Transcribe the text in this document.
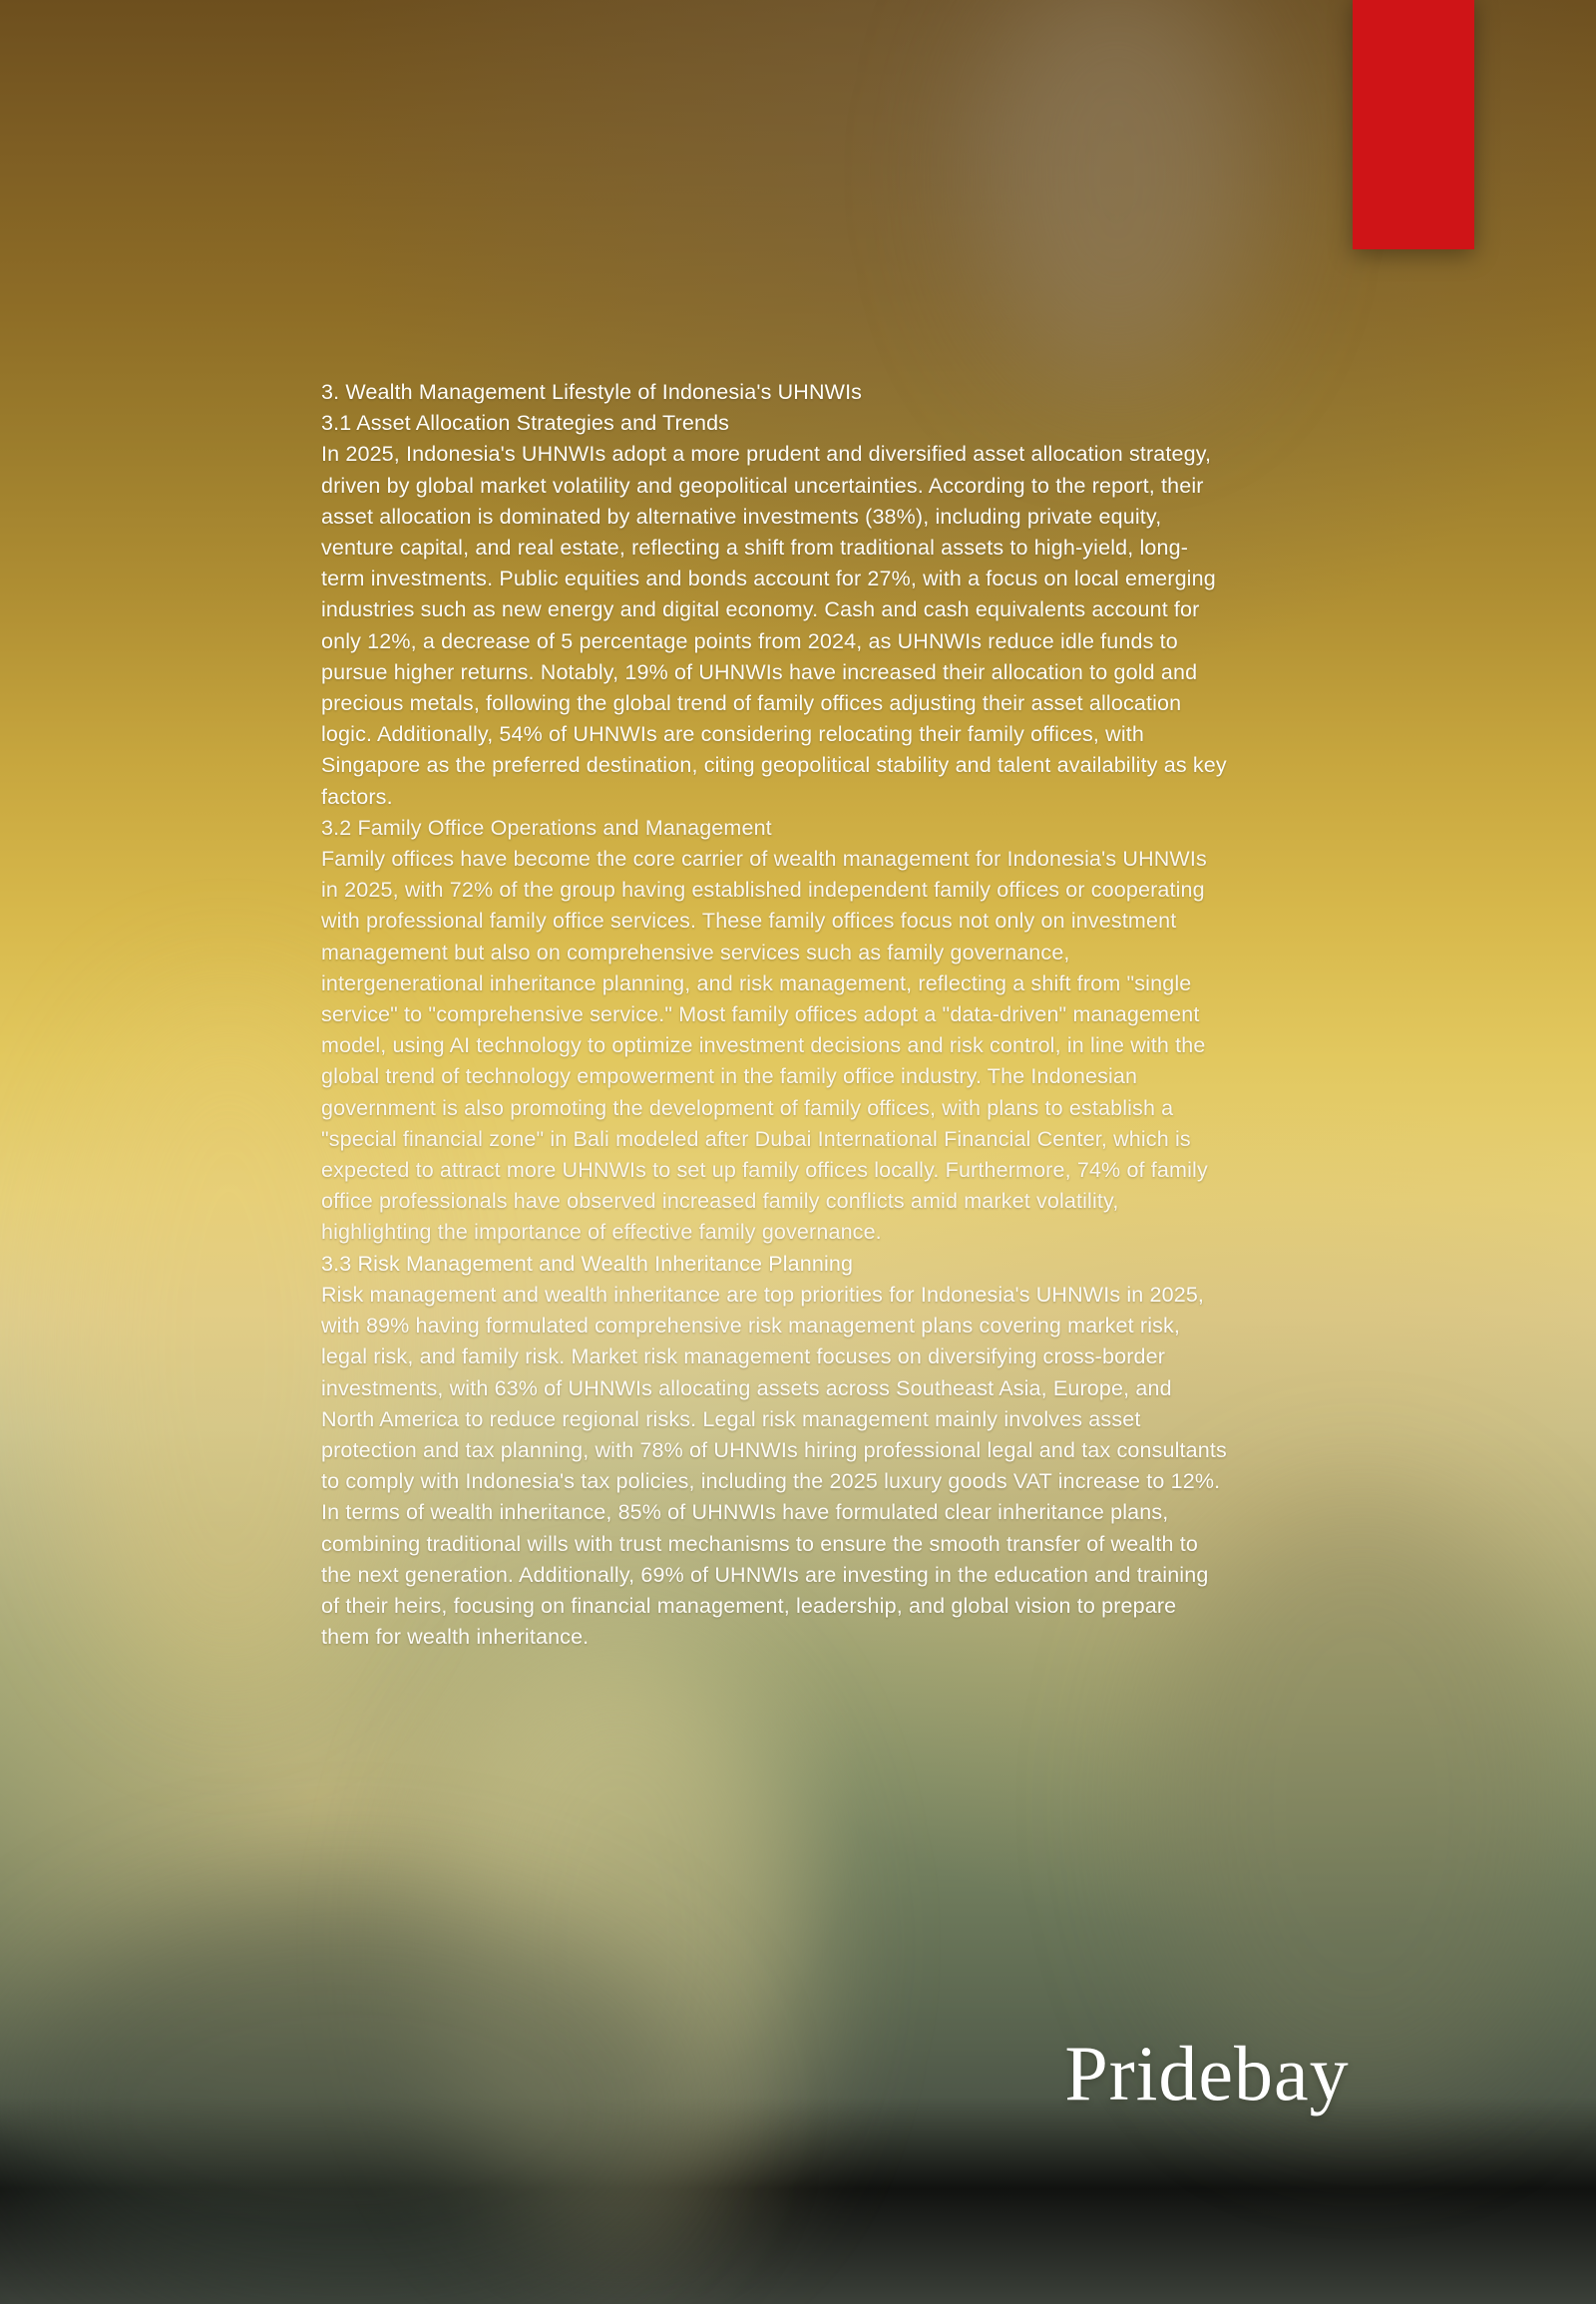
3. Wealth Management Lifestyle of Indonesia's UHNWIs

3.1 Asset Allocation Strategies and Trends

In 2025, Indonesia's UHNWIs adopt a more prudent and diversified asset allocation strategy, driven by global market volatility and geopolitical uncertainties. According to the report, their asset allocation is dominated by alternative investments (38%), including private equity, venture capital, and real estate, reflecting a shift from traditional assets to high-yield, long-term investments. Public equities and bonds account for 27%, with a focus on local emerging industries such as new energy and digital economy. Cash and cash equivalents account for only 12%, a decrease of 5 percentage points from 2024, as UHNWIs reduce idle funds to pursue higher returns. Notably, 19% of UHNWIs have increased their allocation to gold and precious metals, following the global trend of family offices adjusting their asset allocation logic. Additionally, 54% of UHNWIs are considering relocating their family offices, with Singapore as the preferred destination, citing geopolitical stability and talent availability as key factors.

3.2 Family Office Operations and Management

Family offices have become the core carrier of wealth management for Indonesia's UHNWIs in 2025, with 72% of the group having established independent family offices or cooperating with professional family office services. These family offices focus not only on investment management but also on comprehensive services such as family governance, intergenerational inheritance planning, and risk management, reflecting a shift from "single service" to "comprehensive service." Most family offices adopt a "data-driven" management model, using AI technology to optimize investment decisions and risk control, in line with the global trend of technology empowerment in the family office industry. The Indonesian government is also promoting the development of family offices, with plans to establish a "special financial zone" in Bali modeled after Dubai International Financial Center, which is expected to attract more UHNWIs to set up family offices locally. Furthermore, 74% of family office professionals have observed increased family conflicts amid market volatility, highlighting the importance of effective family governance.

3.3 Risk Management and Wealth Inheritance Planning

Risk management and wealth inheritance are top priorities for Indonesia's UHNWIs in 2025, with 89% having formulated comprehensive risk management plans covering market risk, legal risk, and family risk. Market risk management focuses on diversifying cross-border investments, with 63% of UHNWIs allocating assets across Southeast Asia, Europe, and North America to reduce regional risks. Legal risk management mainly involves asset protection and tax planning, with 78% of UHNWIs hiring professional legal and tax consultants to comply with Indonesia's tax policies, including the 2025 luxury goods VAT increase to 12%. In terms of wealth inheritance, 85% of UHNWIs have formulated clear inheritance plans, combining traditional wills with trust mechanisms to ensure the smooth transfer of wealth to the next generation. Additionally, 69% of UHNWIs are investing in the education and training of their heirs, focusing on financial management, leadership, and global vision to prepare them for wealth inheritance.

Pridebay
